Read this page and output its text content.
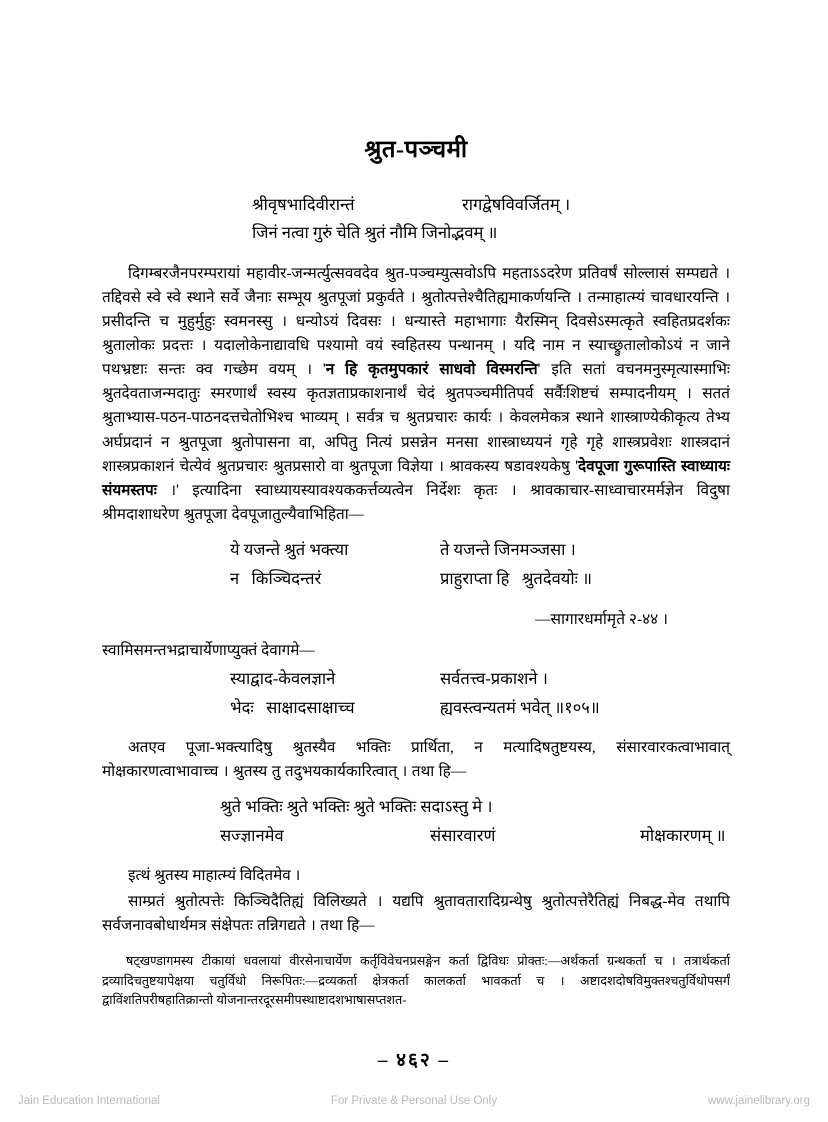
श्रुत-पञ्चमी
श्रीवृषभादिवीरान्तं	रागद्वेषविवर्जितम् ।
जिनं नत्वा गुरुं चेति श्रुतं नौमि जिनोद्भवम् ॥

दिगम्बरजैनपरम्परायां महावीर-जन्मर्त्युत्सववदेव श्रुत-पञ्चम्युत्सवोऽपि महताऽऽदरेण प्रतिवर्षं सोल्लासं सम्पद्यते । तद्दिवसे स्वे स्वे स्थाने सर्वे जैनाः सम्भूय श्रुतपूजां प्रकुर्वते । श्रुतोत्पत्तेश्चैतिह्यमाकर्णयन्ति । तन्माहात्म्यं चावधारयन्ति । प्रसीदन्ति च मुहुर्मुहुः स्वमनस्सु । धन्योऽयं दिवसः । धन्यास्ते महाभागाः यैरस्मिन् दिवसेऽस्मत्कृते स्वहितप्रदर्शकः श्रुतालोकः प्रदत्तः । यदालोकेनाद्यावधि पश्यामो वयं स्वहितस्य पन्थानम् । यदि नाम न स्याच्छ्रुतालोकोऽयं न जाने पथभ्रष्टाः सन्तः क्व गच्छेम वयम् । 'न हि कृतमुपकारं साधवो विस्मरन्ति' इति सतां वचनमनुस्मृत्यास्माभिः श्रुतदेवताजन्मदातुः स्मरणार्थं स्वस्य कृतज्ञताप्रकाशनार्थं चेदं श्रुतपञ्चमीतिपर्व सर्वैःशिष्टचं सम्पादनीयम् । सततं श्रुताभ्यास-पठन-पाठनदत्तचेतोभिश्च भाव्यम् । सर्वत्र च श्रुतप्रचारः कार्यः । केवलमेकत्र स्थाने शास्त्राण्येकीकृत्य तेभ्य अर्घप्रदानं न श्रुतपूजा श्रुतोपासना वा, अपितु नित्यं प्रसन्नेन मनसा शास्त्राध्ययनं गृहे गृहे शास्त्रप्रवेशः शास्त्रदानं शास्त्रप्रकाशनं चेत्येवं श्रुतप्रचारः श्रुतप्रसारो वा श्रुतपूजा विज्ञेया । श्रावकस्य षडावश्यकेषु 'देवपूजा गुरूपास्ति स्वाध्यायः संयमस्तपः ।' इत्यादिना स्वाध्यायस्यावश्यककर्त्तव्यत्वेन निर्देशः कृतः । श्रावकाचार-साध्वाचारमर्मज्ञेन विदुषा श्रीमदाशाधरेण श्रुतपूजा देवपूजातुल्यैवाभिहिता—

ये यजन्ते श्रुतं भक्त्या	ते यजन्ते जिनमञ्जसा ।
न   किञ्चिदन्तरं	प्राहुराप्ता हि   श्रुतदेवयोः ॥
—सागारधर्मामृते २-४४ ।
स्वामिसमन्तभद्राचार्येणाप्युक्तं देवागमे—
स्याद्वाद-केवलज्ञाने	सर्वतत्त्व-प्रकाशने ।
भेदः   साक्षादसाक्षाच्च	ह्यवस्त्वन्यतमं भवेत् ॥१०५॥

अतएव पूजा-भक्त्यादिषु श्रुतस्यैव भक्तिः प्रार्थिता, न मत्यादिषतुष्टयस्य, संसारवारकत्वाभावात् मोक्षकारणत्वाभावाच्च । श्रुतस्य तु तदुभयकार्यकारित्वात् । तथा हि—

श्रुते भक्तिः श्रुते भक्तिः श्रुते भक्तिः सदाऽस्तु मे ।
सज्ज्ञानमेव	संसारवारणं	मोक्षकारणम् ॥
इत्थं श्रुतस्य माहात्म्यं विदितमेव ।

साम्प्रतं श्रुतोत्पत्तेः किञ्चिदैतिह्यं विलिख्यते । यद्यपि श्रुतावतारादिग्रन्थेषु श्रुतोत्पत्तेरैतिह्यं निबद्ध-मेव तथापि सर्वजनावबोधार्थमत्र संक्षेपतः तन्निगद्यते । तथा हि—

षट्खण्डागमस्य टीकायां धवलायां वीरसेनाचार्येण कर्तृविवेचनप्रसङ्गेन कर्ता द्विविधः प्रोक्तः:—अर्थकर्ता ग्रन्थकर्ता च । तत्रार्थकर्ता द्रव्यादिचतुष्टयापेक्षया चतुर्विधो निरूपितः:—द्रव्यकर्ता क्षेत्रकर्ता कालकर्ता भावकर्ता च । अष्टादशदोषविमुक्तश्चतुर्विधोपसर्गं द्वाविंशतिपरीषहातिक्रान्तो योजनान्तरदूरसमीपस्थाष्टादशभाषासप्तशत-

– ४६२ –
Jain Education International	For Private & Personal Use Only	www.jainelibrary.org
